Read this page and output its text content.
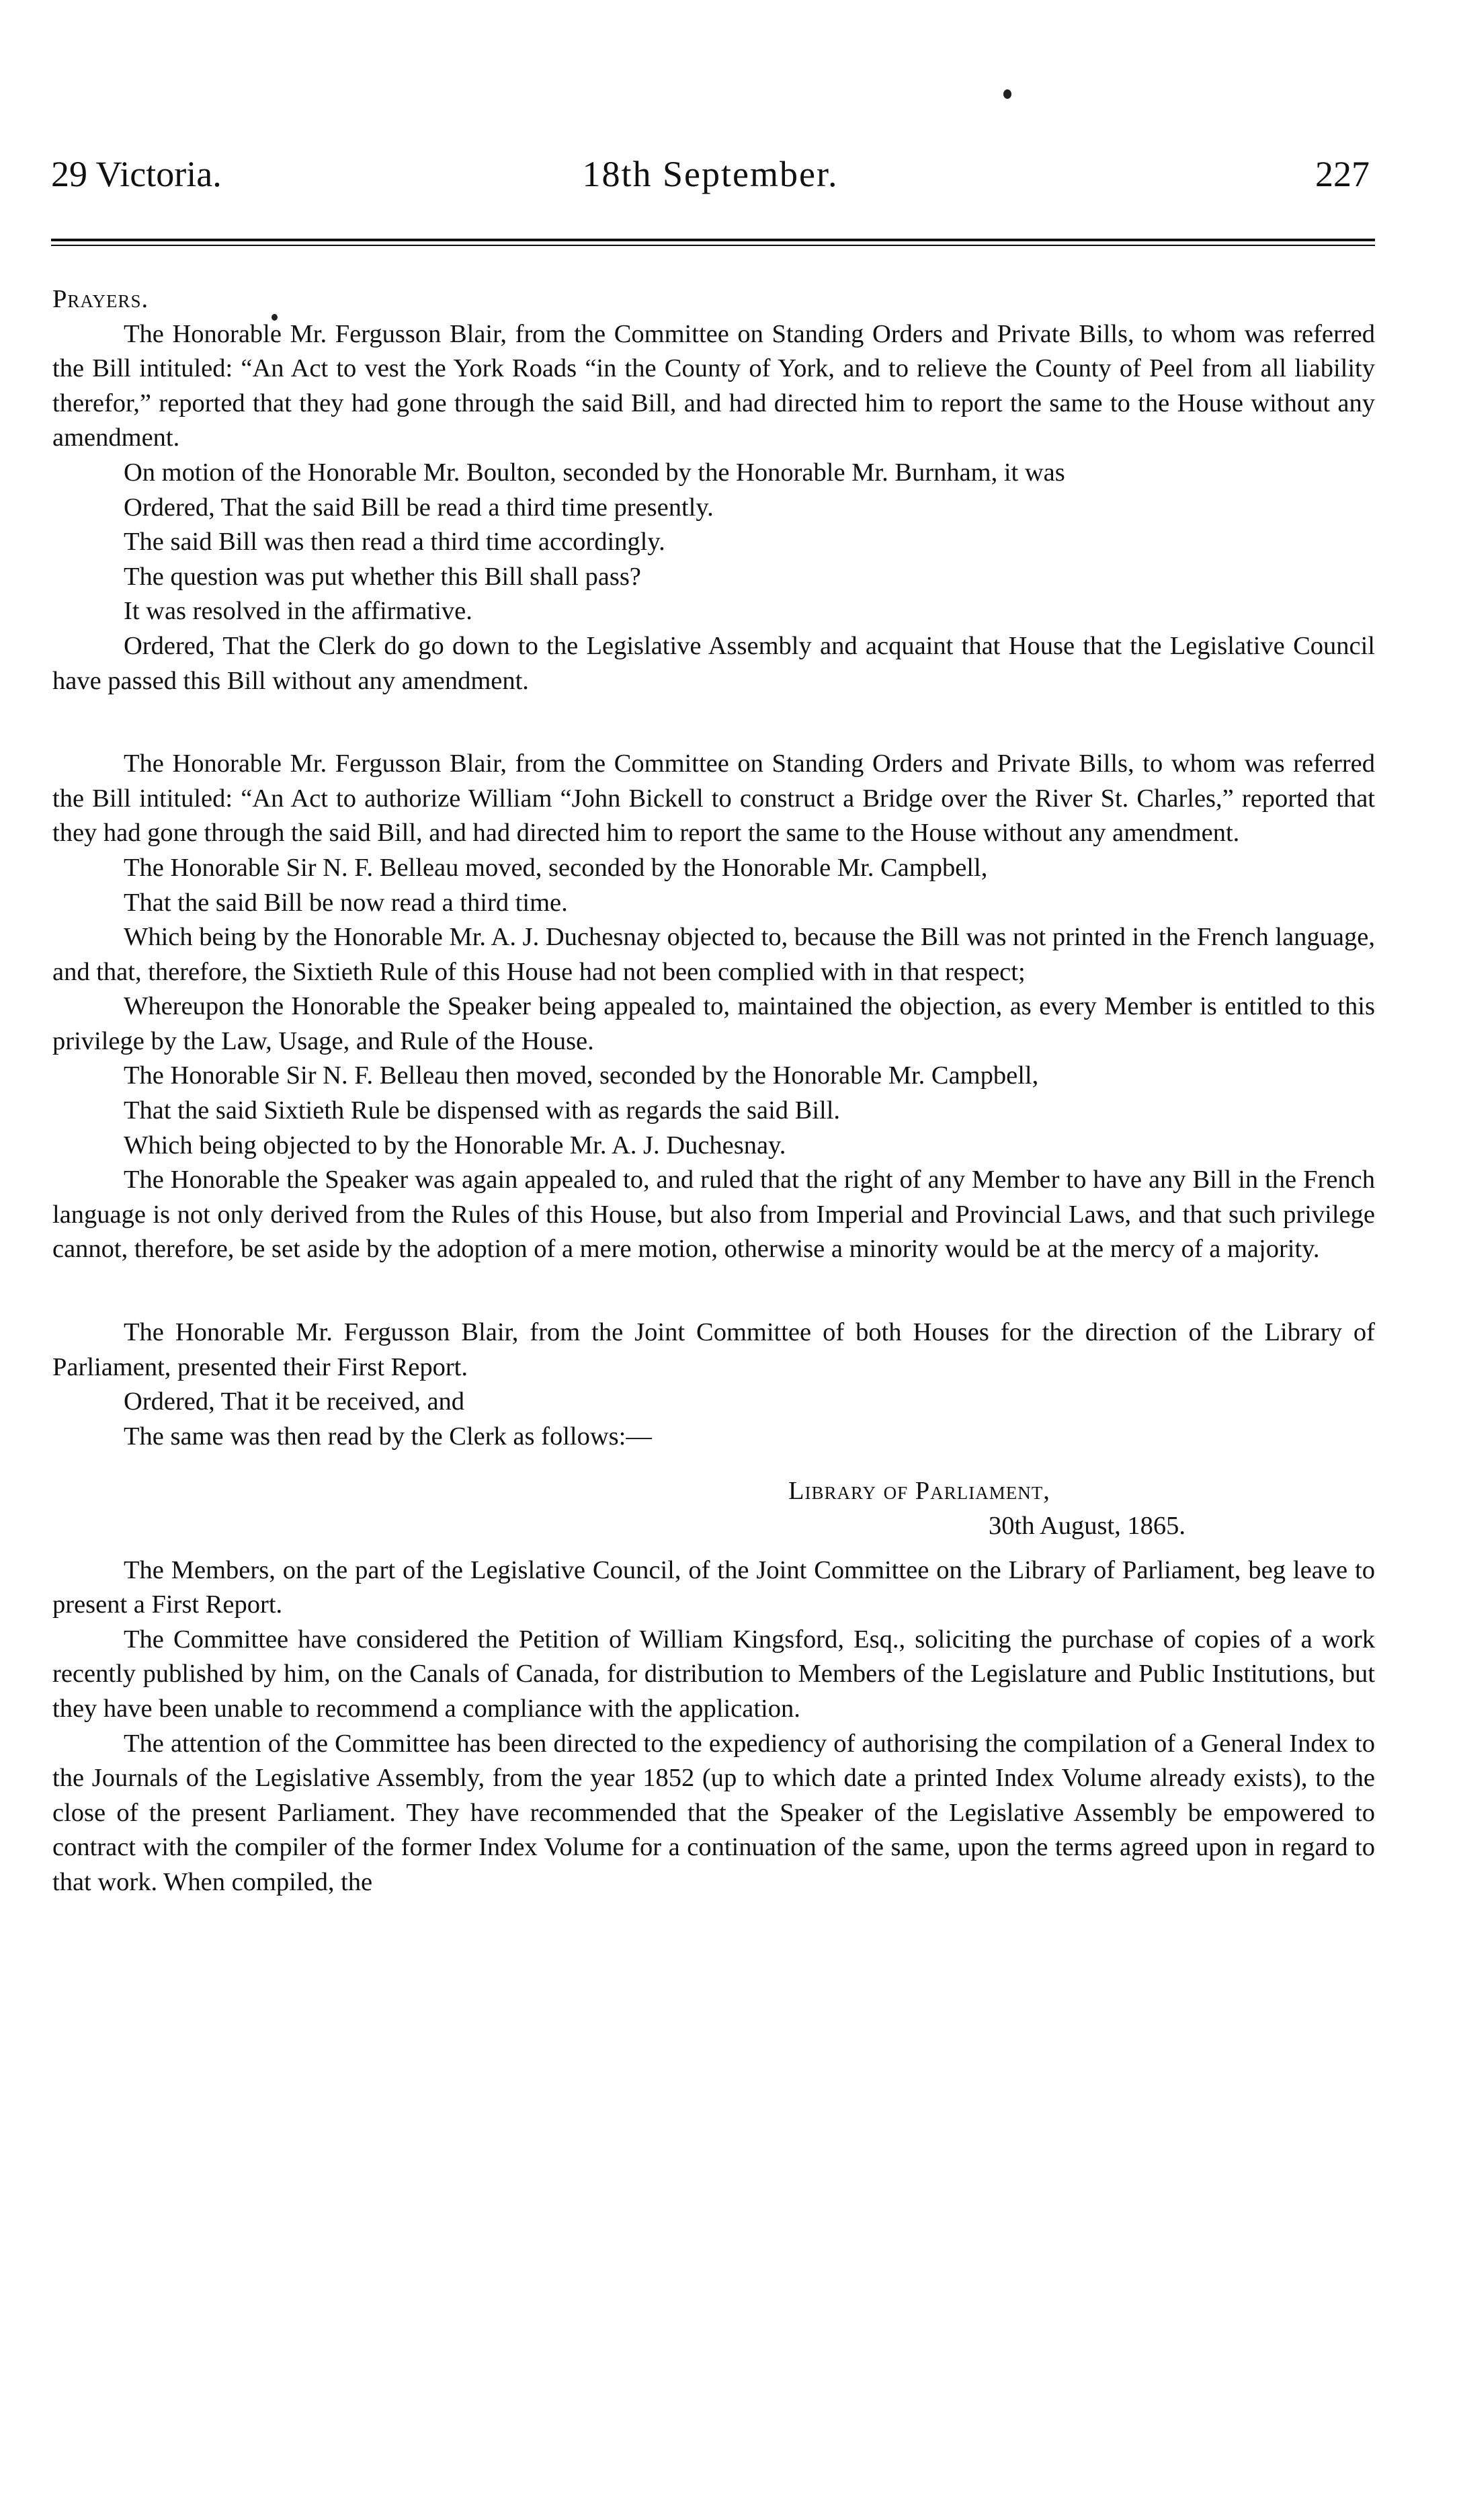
29 Victoria.	18th September.	227

Prayers.

The Honorable Mr. Fergusson Blair, from the Committee on Standing Orders and Private Bills, to whom was referred the Bill intituled: “An Act to vest the York Roads “in the County of York, and to relieve the County of Peel from all liability therefor,” reported that they had gone through the said Bill, and had directed him to report the same to the House without any amendment.

On motion of the Honorable Mr. Boulton, seconded by the Honorable Mr. Burnham, it was

Ordered, That the said Bill be read a third time presently.

The said Bill was then read a third time accordingly.

The question was put whether this Bill shall pass?

It was resolved in the affirmative.

Ordered, That the Clerk do go down to the Legislative Assembly and acquaint that House that the Legislative Council have passed this Bill without any amendment.

The Honorable Mr. Fergusson Blair, from the Committee on Standing Orders and Private Bills, to whom was referred the Bill intituled: “An Act to authorize William “John Bickell to construct a Bridge over the River St. Charles,” reported that they had gone through the said Bill, and had directed him to report the same to the House without any amendment.

The Honorable Sir N. F. Belleau moved, seconded by the Honorable Mr. Campbell,

That the said Bill be now read a third time.

Which being by the Honorable Mr. A. J. Duchesnay objected to, because the Bill was not printed in the French language, and that, therefore, the Sixtieth Rule of this House had not been complied with in that respect;

Whereupon the Honorable the Speaker being appealed to, maintained the objection, as every Member is entitled to this privilege by the Law, Usage, and Rule of the House.

The Honorable Sir N. F. Belleau then moved, seconded by the Honorable Mr. Campbell,

That the said Sixtieth Rule be dispensed with as regards the said Bill.

Which being objected to by the Honorable Mr. A. J. Duchesnay.

The Honorable the Speaker was again appealed to, and ruled that the right of any Member to have any Bill in the French language is not only derived from the Rules of this House, but also from Imperial and Provincial Laws, and that such privilege cannot, therefore, be set aside by the adoption of a mere motion, otherwise a minority would be at the mercy of a majority.

The Honorable Mr. Fergusson Blair, from the Joint Committee of both Houses for the direction of the Library of Parliament, presented their First Report.

Ordered, That it be received, and

The same was then read by the Clerk as follows:—

Library of Parliament,
30th August, 1865.

The Members, on the part of the Legislative Council, of the Joint Committee on the Library of Parliament, beg leave to present a First Report.

The Committee have considered the Petition of William Kingsford, Esq., soliciting the purchase of copies of a work recently published by him, on the Canals of Canada, for distribution to Members of the Legislature and Public Institutions, but they have been unable to recommend a compliance with the application.

The attention of the Committee has been directed to the expediency of authorising the compilation of a General Index to the Journals of the Legislative Assembly, from the year 1852 (up to which date a printed Index Volume already exists), to the close of the present Parliament. They have recommended that the Speaker of the Legislative Assembly be empowered to contract with the compiler of the former Index Volume for a continuation of the same, upon the terms agreed upon in regard to that work. When compiled, the
